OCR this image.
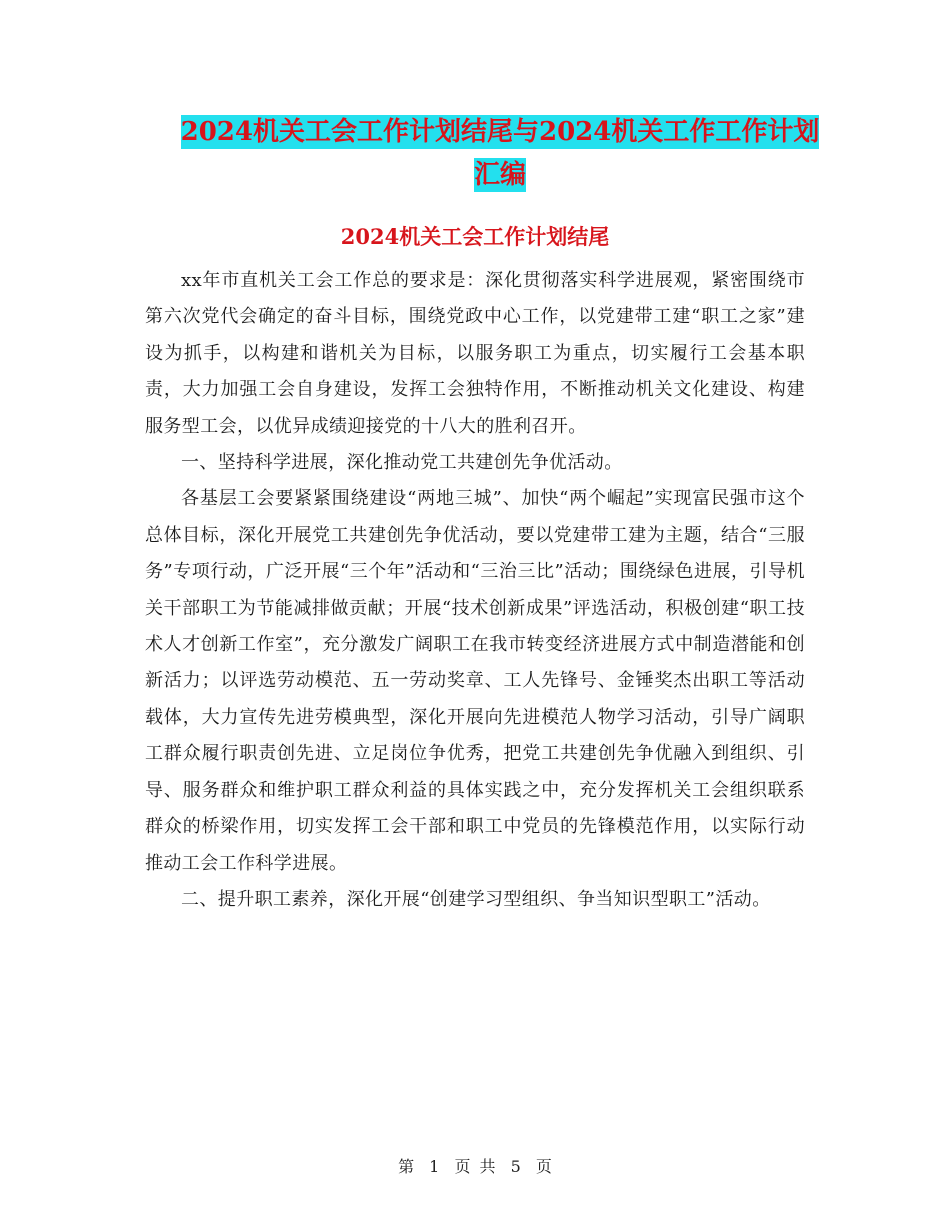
2024机关工会工作计划结尾与2024机关工作工作计划
汇编
2024机关工会工作计划结尾

xx年市直机关工会工作总的要求是：深化贯彻落实科学进展观，紧密围绕市第六次党代会确定的奋斗目标，围绕党政中心工作，以党建带工建“职工之家”建设为抓手，以构建和谐机关为目标，以服务职工为重点，切实履行工会基本职责，大力加强工会自身建设，发挥工会独特作用，不断推动机关文化建设、构建服务型工会，以优异成绩迎接党的十八大的胜利召开。

一、坚持科学进展，深化推动党工共建创先争优活动。

各基层工会要紧紧围绕建设“两地三城”、加快“两个崛起”实现富民强市这个总体目标，深化开展党工共建创先争优活动，要以党建带工建为主题，结合“三服务”专项行动，广泛开展“三个年”活动和“三治三比”活动；围绕绿色进展，引导机关干部职工为节能减排做贡献；开展“技术创新成果”评选活动，积极创建“职工技术人才创新工作室”，充分激发广阔职工在我市转变经济进展方式中制造潜能和创新活力；以评选劳动模范、五一劳动奖章、工人先锋号、金锤奖杰出职工等活动载体，大力宣传先进劳模典型，深化开展向先进模范人物学习活动，引导广阔职工群众履行职责创先进、立足岗位争优秀，把党工共建创先争优融入到组织、引导、服务群众和维护职工群众利益的具体实践之中，充分发挥机关工会组织联系群众的桥梁作用，切实发挥工会干部和职工中党员的先锋模范作用，以实际行动推动工会工作科学进展。

二、提升职工素养，深化开展“创建学习型组织、争当知识型职工”活动。

第 1 页 共 5 页
